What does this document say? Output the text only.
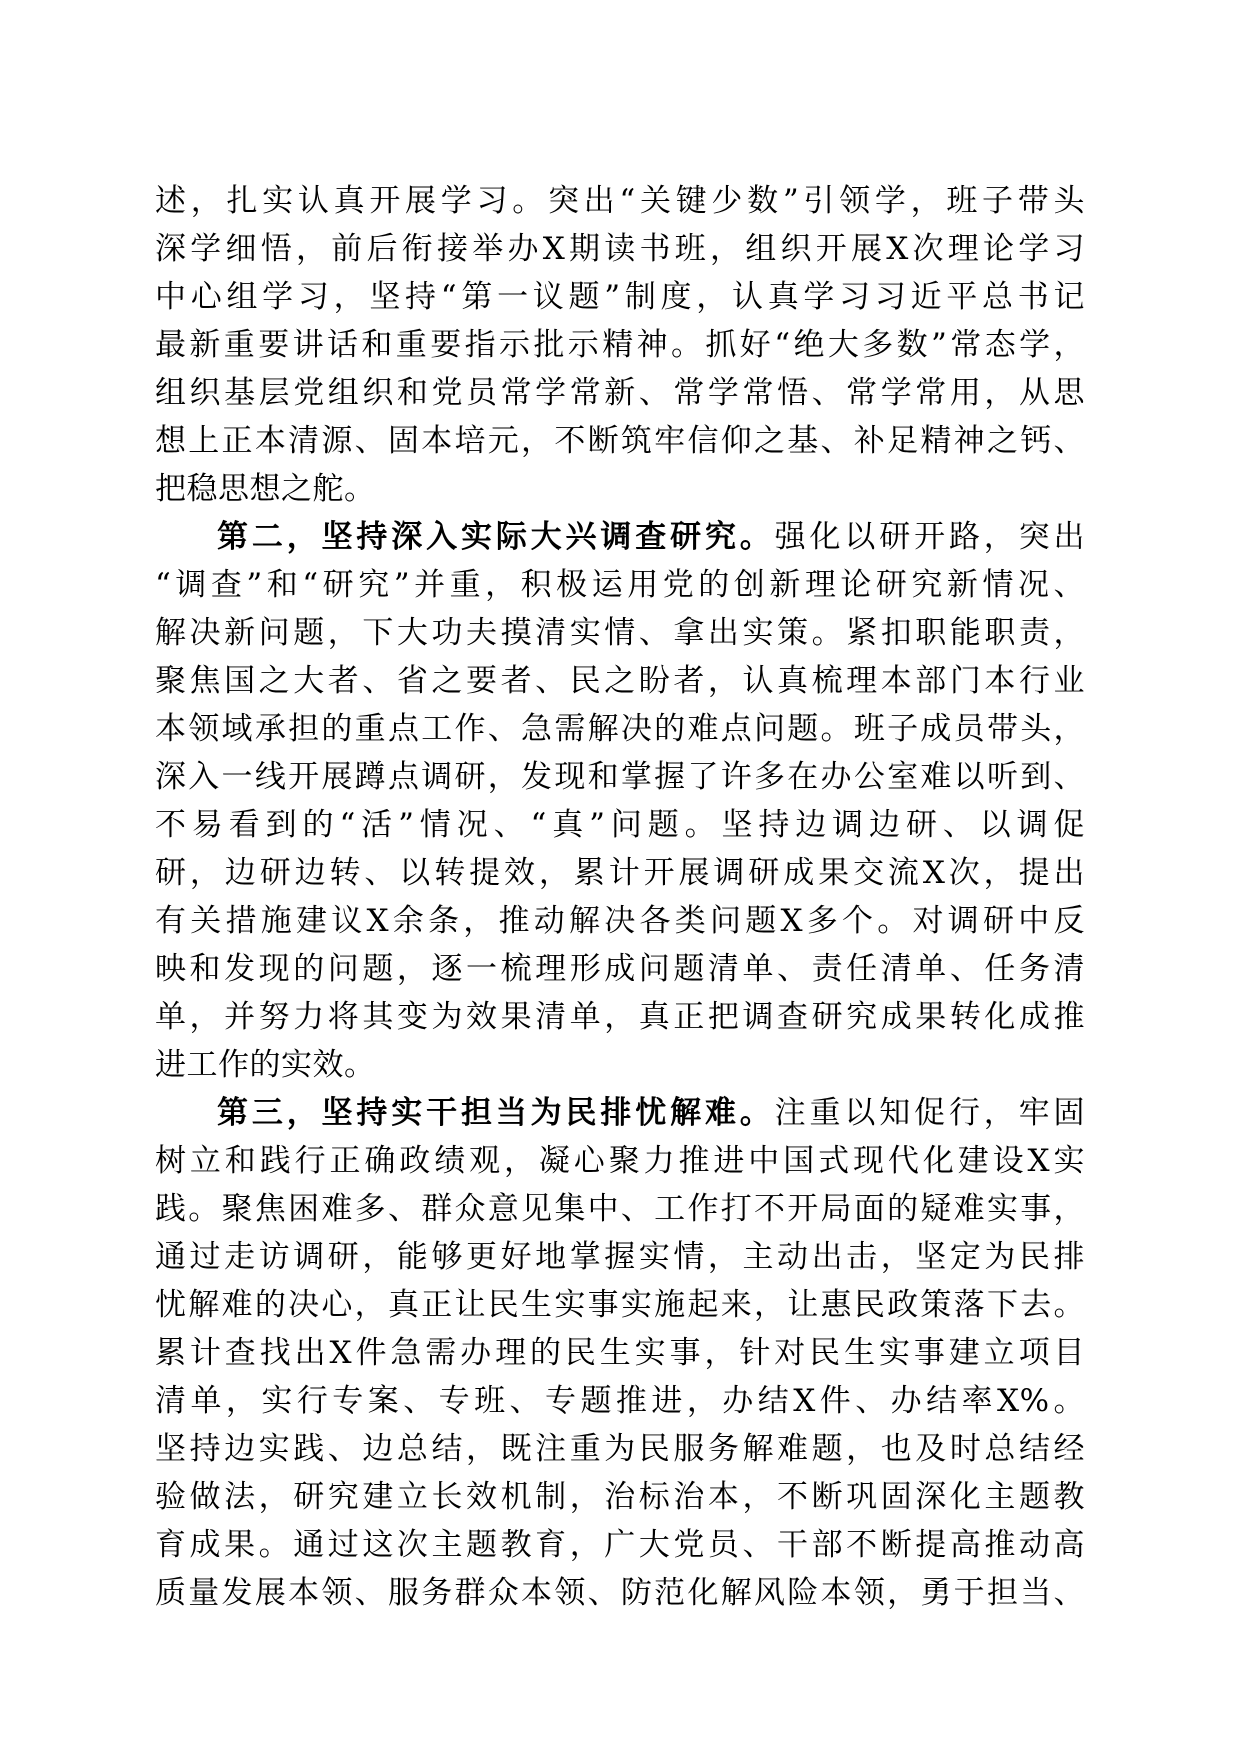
述，扎实认真开展学习。突出“关键少数”引领学，班子带头
深学细悟，前后衔接举办X期读书班，组织开展X次理论学习
中心组学习，坚持“第一议题”制度，认真学习习近平总书记
最新重要讲话和重要指示批示精神。抓好“绝大多数”常态学，
组织基层党组织和党员常学常新、常学常悟、常学常用，从思
想上正本清源、固本培元，不断筑牢信仰之基、补足精神之钙、
把稳思想之舵。
第二，坚持深入实际大兴调查研究。强化以研开路，突出
“调查”和“研究”并重，积极运用党的创新理论研究新情况、
解决新问题，下大功夫摸清实情、拿出实策。紧扣职能职责，
聚焦国之大者、省之要者、民之盼者，认真梳理本部门本行业
本领域承担的重点工作、急需解决的难点问题。班子成员带头，
深入一线开展蹲点调研，发现和掌握了许多在办公室难以听到、
不易看到的“活”情况、“真”问题。坚持边调边研、以调促
研，边研边转、以转提效，累计开展调研成果交流X次，提出
有关措施建议X余条，推动解决各类问题X多个。对调研中反
映和发现的问题，逐一梳理形成问题清单、责任清单、任务清
单，并努力将其变为效果清单，真正把调查研究成果转化成推
进工作的实效。
第三，坚持实干担当为民排忧解难。注重以知促行，牢固
树立和践行正确政绩观，凝心聚力推进中国式现代化建设X实
践。聚焦困难多、群众意见集中、工作打不开局面的疑难实事，
通过走访调研，能够更好地掌握实情，主动出击，坚定为民排
忧解难的决心，真正让民生实事实施起来，让惠民政策落下去。
累计查找出X件急需办理的民生实事，针对民生实事建立项目
清单，实行专案、专班、专题推进，办结X件、办结率X%。
坚持边实践、边总结，既注重为民服务解难题，也及时总结经
验做法，研究建立长效机制，治标治本，不断巩固深化主题教
育成果。通过这次主题教育，广大党员、干部不断提高推动高
质量发展本领、服务群众本领、防范化解风险本领，勇于担当、
